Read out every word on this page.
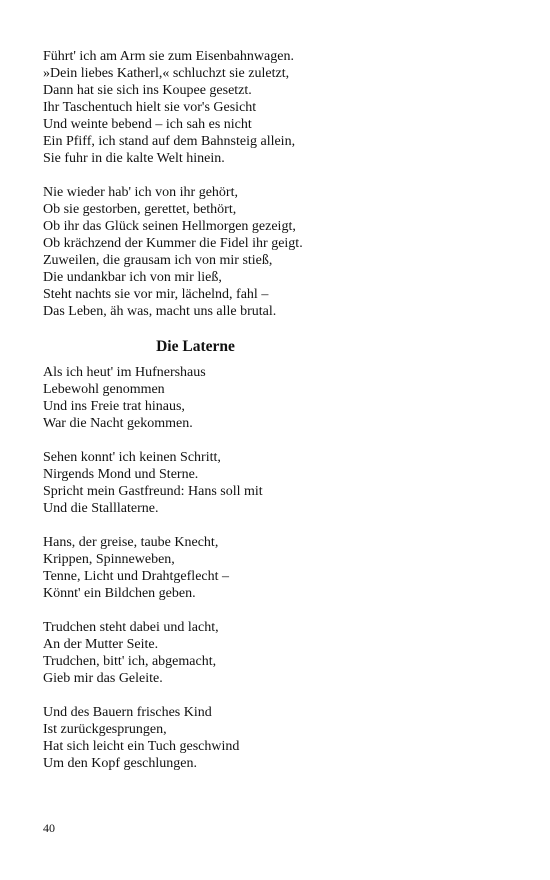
Führt' ich am Arm sie zum Eisenbahnwagen.
»Dein liebes Katherl,« schluchzt sie zuletzt,
Dann hat sie sich ins Koupee gesetzt.
Ihr Taschentuch hielt sie vor's Gesicht
Und weinte bebend – ich sah es nicht
Ein Pfiff, ich stand auf dem Bahnsteig allein,
Sie fuhr in die kalte Welt hinein.
Nie wieder hab' ich von ihr gehört,
Ob sie gestorben, gerettet, bethört,
Ob ihr das Glück seinen Hellmorgen gezeigt,
Ob krächzend der Kummer die Fidel ihr geigt.
Zuweilen, die grausam ich von mir stieß,
Die undankbar ich von mir ließ,
Steht nachts sie vor mir, lächelnd, fahl –
Das Leben, äh was, macht uns alle brutal.
Die Laterne
Als ich heut' im Hufnershaus
Lebewohl genommen
Und ins Freie trat hinaus,
War die Nacht gekommen.
Sehen konnt' ich keinen Schritt,
Nirgends Mond und Sterne.
Spricht mein Gastfreund: Hans soll mit
Und die Stalllaterne.
Hans, der greise, taube Knecht,
Krippen, Spinneweben,
Tenne, Licht und Drahtgeflecht –
Könnt' ein Bildchen geben.
Trudchen steht dabei und lacht,
An der Mutter Seite.
Trudchen, bitt' ich, abgemacht,
Gieb mir das Geleite.
Und des Bauern frisches Kind
Ist zurückgesprungen,
Hat sich leicht ein Tuch geschwind
Um den Kopf geschlungen.
40
